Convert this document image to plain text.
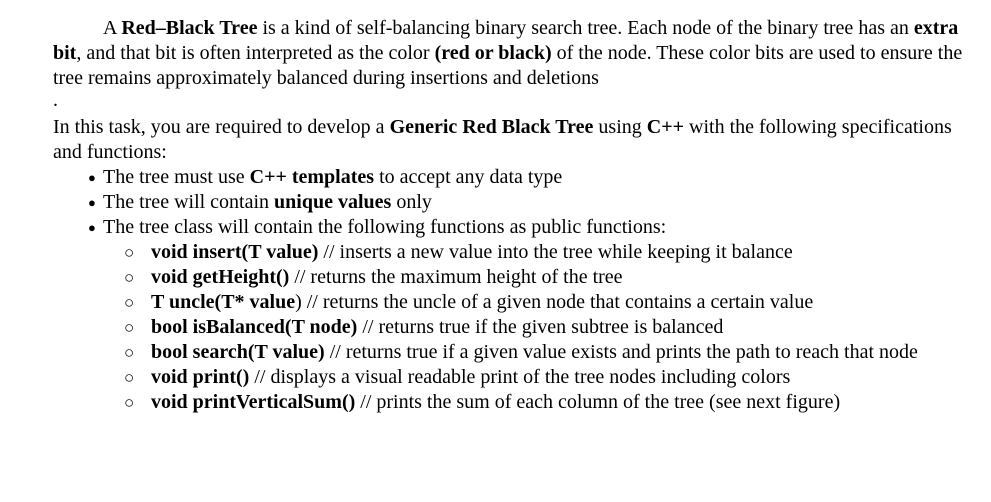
A Red–Black Tree is a kind of self-balancing binary search tree. Each node of the binary tree has an extra bit, and that bit is often interpreted as the color (red or black) of the node. These color bits are used to ensure the tree remains approximately balanced during insertions and deletions

.

In this task, you are required to develop a Generic Red Black Tree using C++ with the following specifications and functions:

● The tree must use C++ templates to accept any data type
● The tree will contain unique values only
● The tree class will contain the following functions as public functions:
○ void insert(T value) // inserts a new value into the tree while keeping it balance
○ void getHeight() // returns the maximum height of the tree
○ T uncle(T* value) // returns the uncle of a given node that contains a certain value
○ bool isBalanced(T node) // returns true if the given subtree is balanced
○ bool search(T value) // returns true if a given value exists and prints the path to reach that node
○ void print() // displays a visual readable print of the tree nodes including colors
○ void printVerticalSum() // prints the sum of each column of the tree (see next figure)
